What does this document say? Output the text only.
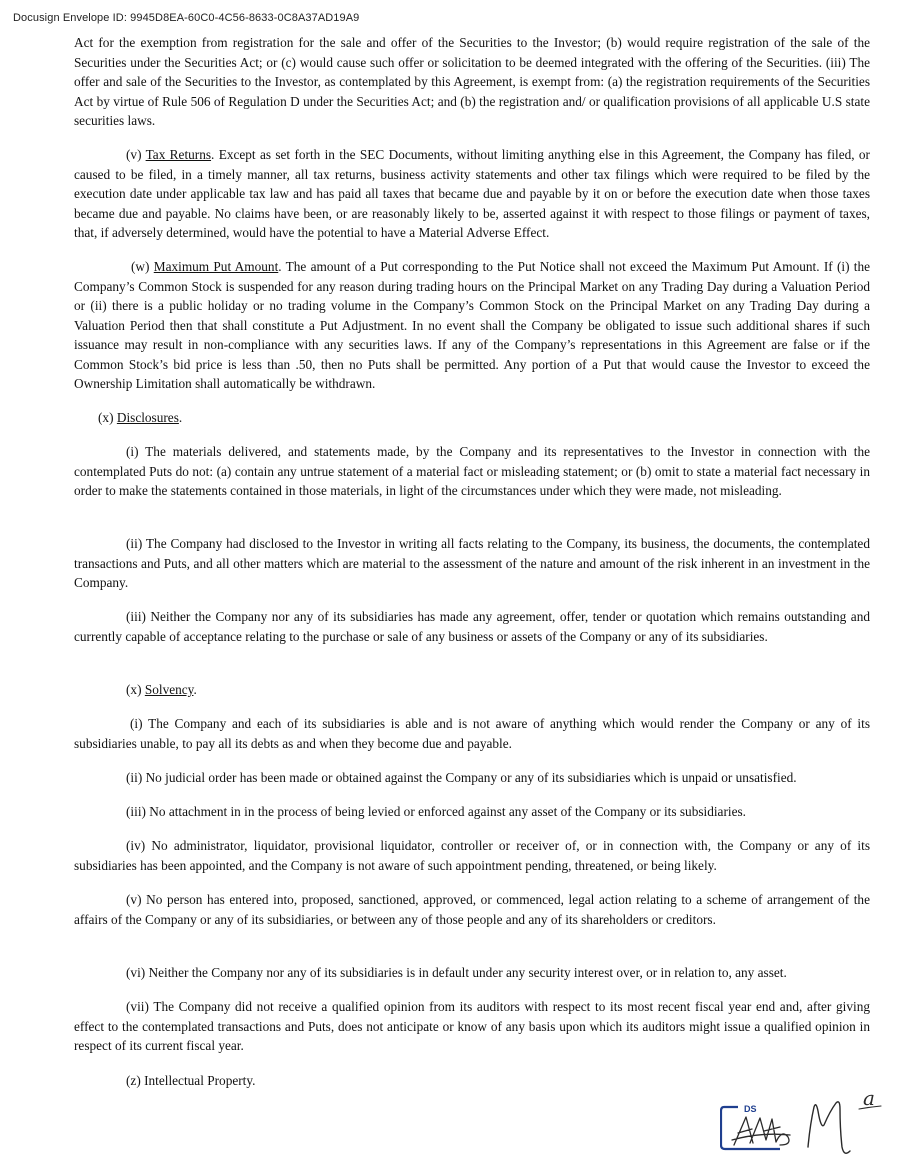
Docusign Envelope ID: 9945D8EA-60C0-4C56-8633-0C8A37AD19A9

Act for the exemption from registration for the sale and offer of the Securities to the Investor; (b) would require registration of the sale of the Securities under the Securities Act; or (c) would cause such offer or solicitation to be deemed integrated with the offering of the Securities. (iii) The offer and sale of the Securities to the Investor, as contemplated by this Agreement, is exempt from: (a) the registration requirements of the Securities Act by virtue of Rule 506 of Regulation D under the Securities Act; and (b) the registration and/ or qualification provisions of all applicable U.S state securities laws.

(v) Tax Returns. Except as set forth in the SEC Documents, without limiting anything else in this Agreement, the Company has filed, or caused to be filed, in a timely manner, all tax returns, business activity statements and other tax filings which were required to be filed by the execution date under applicable tax law and has paid all taxes that became due and payable by it on or before the execution date when those taxes became due and payable. No claims have been, or are reasonably likely to be, asserted against it with respect to those filings or payment of taxes, that, if adversely determined, would have the potential to have a Material Adverse Effect.

(w) Maximum Put Amount. The amount of a Put corresponding to the Put Notice shall not exceed the Maximum Put Amount. If (i) the Company’s Common Stock is suspended for any reason during trading hours on the Principal Market on any Trading Day during a Valuation Period or (ii) there is a public holiday or no trading volume in the Company’s Common Stock on the Principal Market on any Trading Day during a Valuation Period then that shall constitute a Put Adjustment. In no event shall the Company be obligated to issue such additional shares if such issuance may result in non-compliance with any securities laws. If any of the Company’s representations in this Agreement are false or if the Common Stock’s bid price is less than .50, then no Puts shall be permitted. Any portion of a Put that would cause the Investor to exceed the Ownership Limitation shall automatically be withdrawn.

(x) Disclosures.

(i) The materials delivered, and statements made, by the Company and its representatives to the Investor in connection with the contemplated Puts do not: (a) contain any untrue statement of a material fact or misleading statement; or (b) omit to state a material fact necessary in order to make the statements contained in those materials, in light of the circumstances under which they were made, not misleading.

(ii) The Company had disclosed to the Investor in writing all facts relating to the Company, its business, the documents, the contemplated transactions and Puts, and all other matters which are material to the assessment of the nature and amount of the risk inherent in an investment in the Company.

(iii) Neither the Company nor any of its subsidiaries has made any agreement, offer, tender or quotation which remains outstanding and currently capable of acceptance relating to the purchase or sale of any business or assets of the Company or any of its subsidiaries.

(x) Solvency.

(i) The Company and each of its subsidiaries is able and is not aware of anything which would render the Company or any of its subsidiaries unable, to pay all its debts as and when they become due and payable.

(ii) No judicial order has been made or obtained against the Company or any of its subsidiaries which is unpaid or unsatisfied.

(iii) No attachment in in the process of being levied or enforced against any asset of the Company or its subsidiaries.

(iv) No administrator, liquidator, provisional liquidator, controller or receiver of, or in connection with, the Company or any of its subsidiaries has been appointed, and the Company is not aware of such appointment pending, threatened, or being likely.

(v) No person has entered into, proposed, sanctioned, approved, or commenced, legal action relating to a scheme of arrangement of the affairs of the Company or any of its subsidiaries, or between any of those people and any of its shareholders or creditors.

(vi) Neither the Company nor any of its subsidiaries is in default under any security interest over, or in relation to, any asset.

(vii) The Company did not receive a qualified opinion from its auditors with respect to its most recent fiscal year end and, after giving effect to the contemplated transactions and Puts, does not anticipate or know of any basis upon which its auditors might issue a qualified opinion in respect of its current fiscal year.

(z) Intellectual Property.
DS	a
